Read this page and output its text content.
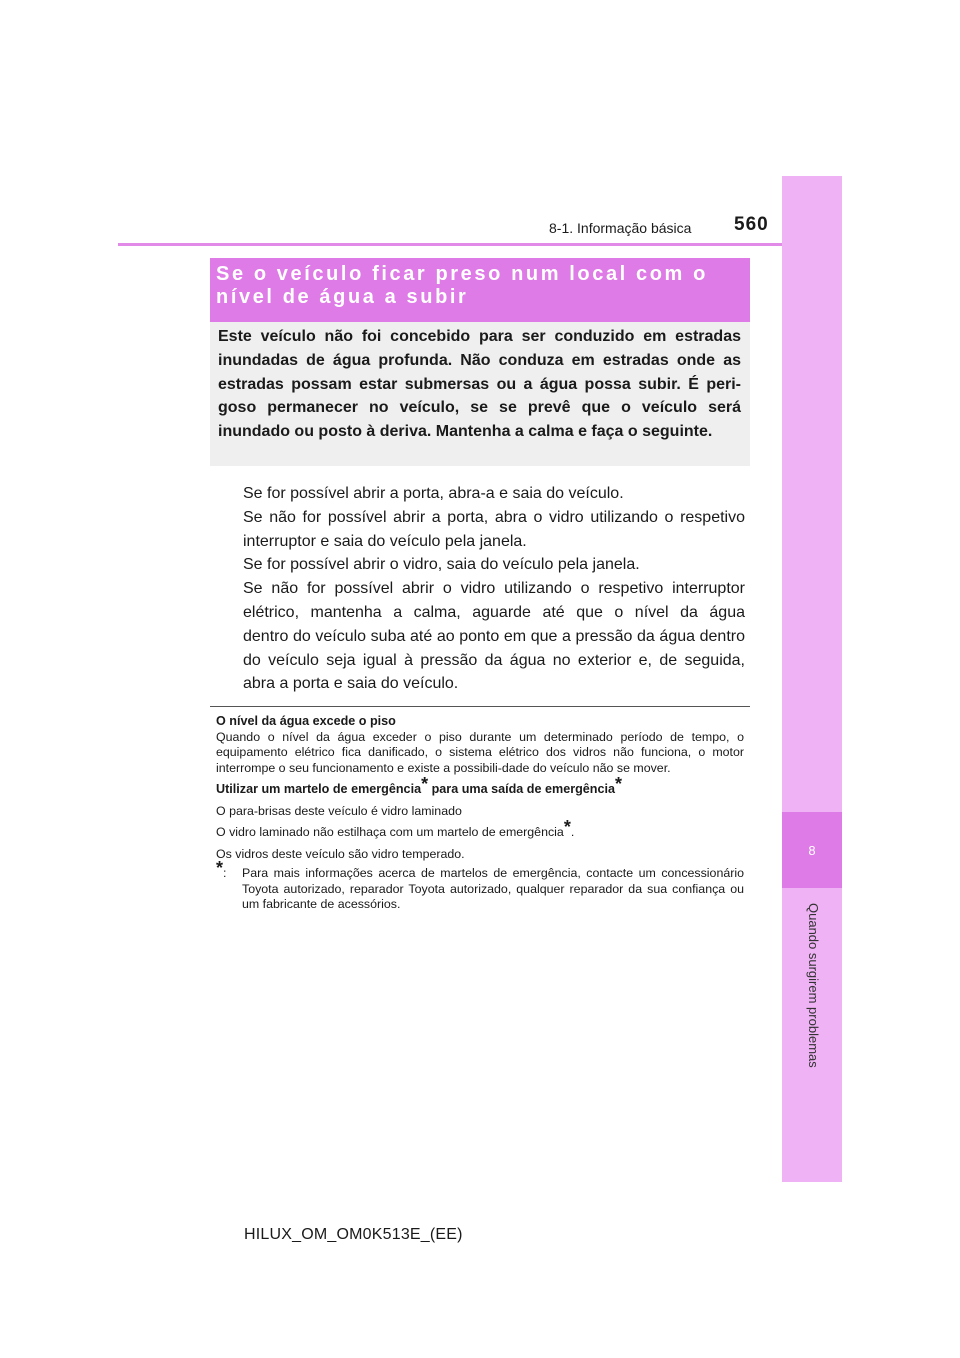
8-1. Informação básica	560
8
Quando surgirem problemas
Se o veículo ficar preso num local com o nível de água a subir
Este veículo não foi concebido para ser conduzido em estradas inundadas de água profunda. Não conduza em estradas onde as estradas possam estar submersas ou a água possa subir. É peri-goso permanecer no veículo, se se prevê que o veículo será inundado ou posto à deriva. Mantenha a calma e faça o seguinte.

Se for possível abrir a porta, abra-a e saia do veículo.

Se não for possível abrir a porta, abra o vidro utilizando o respetivo interruptor e saia do veículo pela janela.

Se for possível abrir o vidro, saia do veículo pela janela.

Se não for possível abrir o vidro utilizando o respetivo interruptor elétrico, mantenha a calma, aguarde até que o nível da água

dentro do veículo suba até ao ponto em que a pressão da água dentro do veículo seja igual à pressão da água no exterior e, de seguida, abra a porta e saia do veículo.

O nível da água excede o piso

Quando o nível da água exceder o piso durante um determinado período de tempo, o equipamento elétrico fica danificado, o sistema elétrico dos vidros não funciona, o motor interrompe o seu funcionamento e existe a possibili-dade do veículo não se mover.

Utilizar um martelo de emergência* para uma saída de emergência*

O para-brisas deste veículo é vidro laminado

O vidro laminado não estilhaça com um martelo de emergência*.

Os vidros deste veículo são vidro temperado.

*:	Para mais informações acerca de martelos de emergência, contacte um concessionário Toyota autorizado, reparador Toyota autorizado, qualquer reparador da sua confiança ou um fabricante de acessórios.
HILUX_OM_OM0K513E_(EE)
